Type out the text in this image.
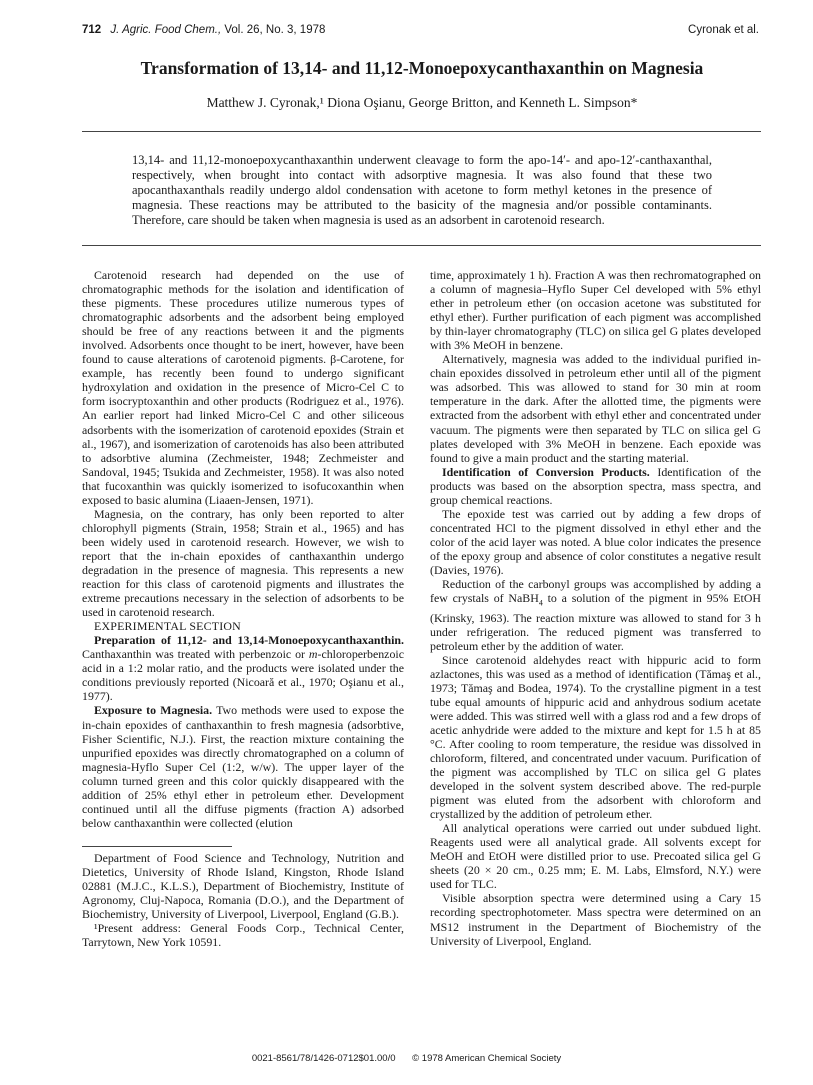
712 J. Agric. Food Chem., Vol. 26, No. 3, 1978	Cyronak et al.
Transformation of 13,14- and 11,12-Monoepoxycanthaxanthin on Magnesia
Matthew J. Cyronak,¹ Diona Oşianu, George Britton, and Kenneth L. Simpson*
13,14- and 11,12-monoepoxycanthaxanthin underwent cleavage to form the apo-14′- and apo-12′-canthaxanthal, respectively, when brought into contact with adsorptive magnesia. It was also found that these two apocanthaxanthals readily undergo aldol condensation with acetone to form methyl ketones in the presence of magnesia. These reactions may be attributed to the basicity of the magnesia and/or possible contaminants. Therefore, care should be taken when magnesia is used as an adsorbent in carotenoid research.

Carotenoid research had depended on the use of chromatographic methods for the isolation and identification of these pigments. These procedures utilize numerous types of chromatographic adsorbents and the adsorbent being employed should be free of any reactions between it and the pigments involved. Adsorbents once thought to be inert, however, have been found to cause alterations of carotenoid pigments. β-Carotene, for example, has recently been found to undergo significant hydroxylation and oxidation in the presence of Micro-Cel C to form isocryptoxanthin and other products (Rodriguez et al., 1976). An earlier report had linked Micro-Cel C and other siliceous adsorbents with the isomerization of carotenoid epoxides (Strain et al., 1967), and isomerization of carotenoids has also been attributed to adsorbtive alumina (Zechmeister, 1948; Zechmeister and Sandoval, 1945; Tsukida and Zechmeister, 1958). It was also noted that fucoxanthin was quickly isomerized to isofucoxanthin when exposed to basic alumina (Liaaen-Jensen, 1971).

Magnesia, on the contrary, has only been reported to alter chlorophyll pigments (Strain, 1958; Strain et al., 1965) and has been widely used in carotenoid research. However, we wish to report that the in-chain epoxides of canthaxanthin undergo degradation in the presence of magnesia. This represents a new reaction for this class of carotenoid pigments and illustrates the extreme precautions necessary in the selection of adsorbents to be used in carotenoid research.

EXPERIMENTAL SECTION

Preparation of 11,12- and 13,14-Monoepoxycanthaxanthin. Canthaxanthin was treated with perbenzoic or m-chloroperbenzoic acid in a 1:2 molar ratio, and the products were isolated under the conditions previously reported (Nicoară et al., 1970; Oşianu et al., 1977).

Exposure to Magnesia. Two methods were used to expose the in-chain epoxides of canthaxanthin to fresh magnesia (adsorbtive, Fisher Scientific, N.J.). First, the reaction mixture containing the unpurified epoxides was directly chromatographed on a column of magnesia-Hyflo Super Cel (1:2, w/w). The upper layer of the column turned green and this color quickly disappeared with the addition of 25% ethyl ether in petroleum ether. Development continued until all the diffuse pigments (fraction A) adsorbed below canthaxanthin were collected (elution

Department of Food Science and Technology, Nutrition and Dietetics, University of Rhode Island, Kingston, Rhode Island 02881 (M.J.C., K.L.S.), Department of Biochemistry, Institute of Agronomy, Cluj-Napoca, Romania (D.O.), and the Department of Biochemistry, University of Liverpool, Liverpool, England (G.B.).

¹Present address: General Foods Corp., Technical Center, Tarrytown, New York 10591.

time, approximately 1 h). Fraction A was then rechromatographed on a column of magnesia–Hyflo Super Cel developed with 5% ethyl ether in petroleum ether (on occasion acetone was substituted for ethyl ether). Further purification of each pigment was accomplished by thin-layer chromatography (TLC) on silica gel G plates developed with 3% MeOH in benzene.

Alternatively, magnesia was added to the individual purified in-chain epoxides dissolved in petroleum ether until all of the pigment was adsorbed. This was allowed to stand for 30 min at room temperature in the dark. After the allotted time, the pigments were extracted from the adsorbent with ethyl ether and concentrated under vacuum. The pigments were then separated by TLC on silica gel G plates developed with 3% MeOH in benzene. Each epoxide was found to give a main product and the starting material.

Identification of Conversion Products. Identification of the products was based on the absorption spectra, mass spectra, and group chemical reactions.

The epoxide test was carried out by adding a few drops of concentrated HCl to the pigment dissolved in ethyl ether and the color of the acid layer was noted. A blue color indicates the presence of the epoxy group and absence of color constitutes a negative result (Davies, 1976).

Reduction of the carbonyl groups was accomplished by adding a few crystals of NaBH$_4$ to a solution of the pigment in 95% EtOH (Krinsky, 1963). The reaction mixture was allowed to stand for 3 h under refrigeration. The reduced pigment was transferred to petroleum ether by the addition of water.

Since carotenoid aldehydes react with hippuric acid to form azlactones, this was used as a method of identification (Tămaş et al., 1973; Tămaş and Bodea, 1974). To the crystalline pigment in a test tube equal amounts of hippuric acid and anhydrous sodium acetate were added. This was stirred well with a glass rod and a few drops of acetic anhydride were added to the mixture and kept for 1.5 h at 85 °C. After cooling to room temperature, the residue was dissolved in chloroform, filtered, and concentrated under vacuum. Purification of the pigment was accomplished by TLC on silica gel G plates developed in the solvent system described above. The red-purple pigment was eluted from the adsorbent with chloroform and crystallized by the addition of petroleum ether.

All analytical operations were carried out under subdued light. Reagents used were all analytical grade. All solvents except for MeOH and EtOH were distilled prior to use. Precoated silica gel G sheets (20 × 20 cm., 0.25 mm; E. M. Labs, Elmsford, N.Y.) were used for TLC.

Visible absorption spectra were determined using a Cary 15 recording spectrophotometer. Mass spectra were determined on an MS12 instrument in the Department of Biochemistry of the University of Liverpool, England.

0021-8561/78/1426-0712$01.00/0 © 1978 American Chemical Society
